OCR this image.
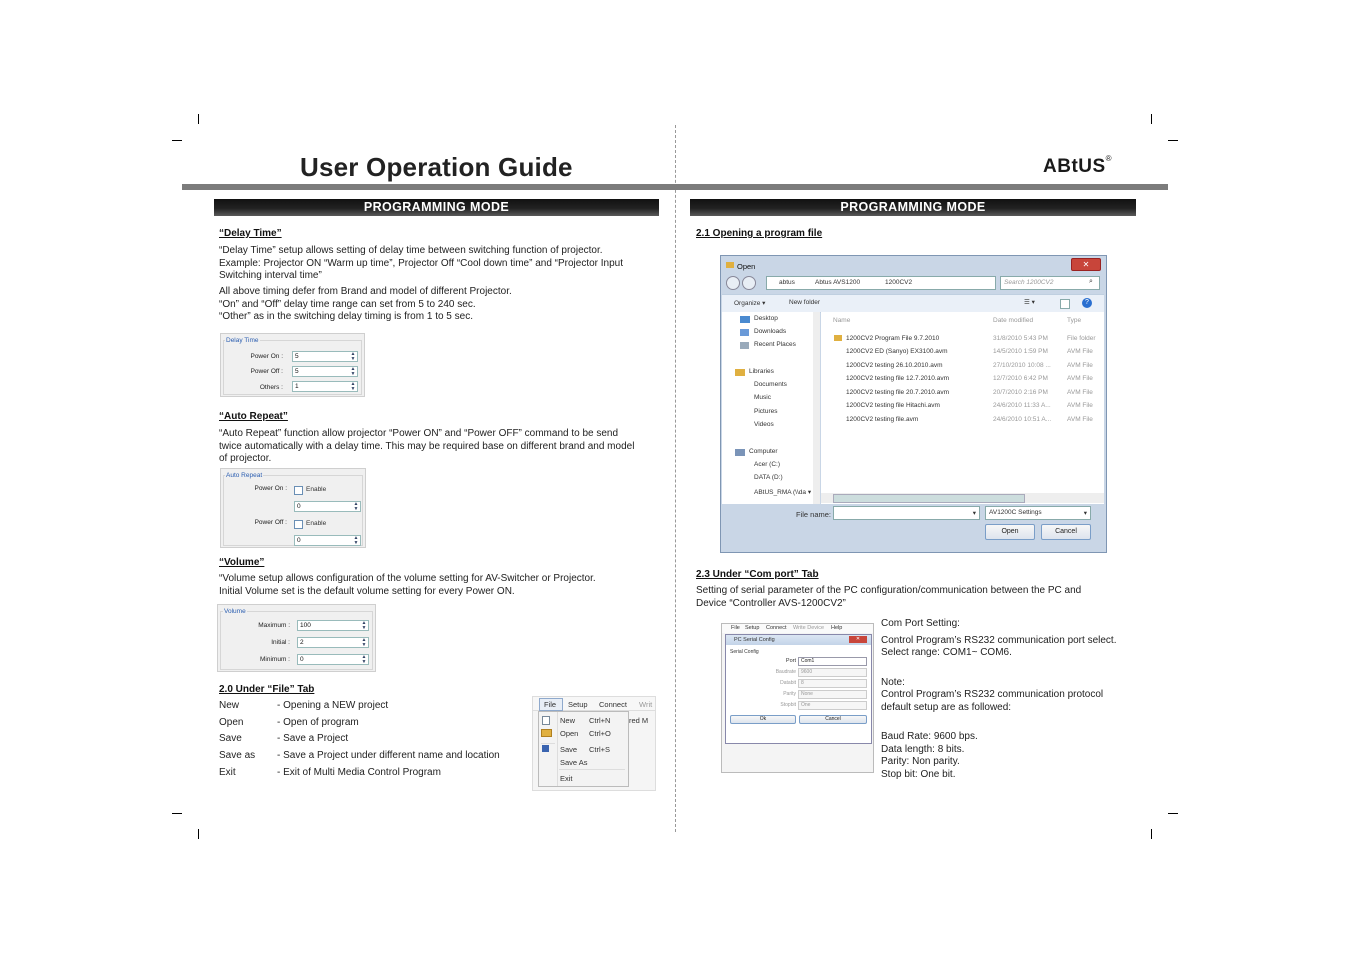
User Operation Guide	ABtUS®
PROGRAMMING MODE
“Delay Time”
“Delay Time” setup allows setting of delay time between switching function of projector.
Example: Projector ON “Warm up time”, Projector Off “Cool down time” and “Projector Input
Switching interval time”
All above timing defer from Brand and model of different Projector.
“On” and “Off” delay time range can set from 5 to 240 sec.
“Other” as in the switching delay timing is from 1 to 5 sec.
Delay Time
Power On :	5	▲
▼
Power Off :	5	▲
▼
Others :	1	▲
▼
“Auto Repeat”
“Auto Repeat” function allow projector “Power ON” and “Power OFF” command to be send
twice automatically with a delay time. This may be required base on different brand and model
of projector.
Auto Repeat
Power On :	Enable
0	▲
▼
Power Off :	Enable
0	▲
▼
“Volume”
“Volume setup allows configuration of the volume setting for AV-Switcher or Projector.
Initial Volume set is the default volume setting for every Power ON.
Volume
Maximum :	100	▲
▼
Initial :	2	▲
▼
Minimum :	0	▲
▼
2.0 Under “File” Tab
New	- Opening a NEW project
Open	- Open of program
Save	- Save a Project
Save as - Save a Project under different name and location
Exit	- Exit of Multi Media Control Program
File Setup Connect Writ
red M
New Ctrl+N
Open Ctrl+O
Save Ctrl+S
Save As
Exit
PROGRAMMING MODE
2.1 Opening a program file
Open	✕
abtus	Abtus AVS1200	1200CV2	Search 1200CV2	⌕
Organize ▾	New folder	☰ ▾	?
Desktop
Downloads
Recent Places
Libraries
Documents
Music
Pictures
Videos
Computer
Acer (C:)
DATA (D:)
ABtUS_RMA (\\da ▾
Name	Date modified	Type
1200CV2 Program File 9.7.2010	31/8/2010 5:43 PM	File folder
1200CV2 ED (Sanyo) EX3100.avm	14/5/2010 1:59 PM	AVM File
1200CV2 testing 26.10.2010.avm	27/10/2010 10:08 ... AVM File
1200CV2 testing file 12.7.2010.avm	12/7/2010 6:42 PM	AVM File
1200CV2 testing file 20.7.2010.avm	20/7/2010 2:16 PM	AVM File
1200CV2 testing file Hitachi.avm	24/6/2010 11:33 A...	AVM File
1200CV2 testing file.avm	24/6/2010 10:51 A... AVM File
File name:	▾ AV1200C Settings	▾
Open	Cancel
2.3 Under “Com port” Tab
Setting of serial parameter of the PC configuration/communication between the PC and
Device “Controller AVS-1200CV2”
File Setup Connect Write Device Help
PC Serial Config	✕
Serial Config
Port	Com1
Baudrate	9600
Databit	8
Parity	None
Stopbit	One
Ok	Cancel
Com Port Setting:
Control Program’s RS232 communication port select.
Select range: COM1~ COM6.
Note:
Control Program’s RS232 communication protocol
default setup are as followed:
Baud Rate: 9600 bps.
Data length: 8 bits.
Parity: Non parity.
Stop bit: One bit.
